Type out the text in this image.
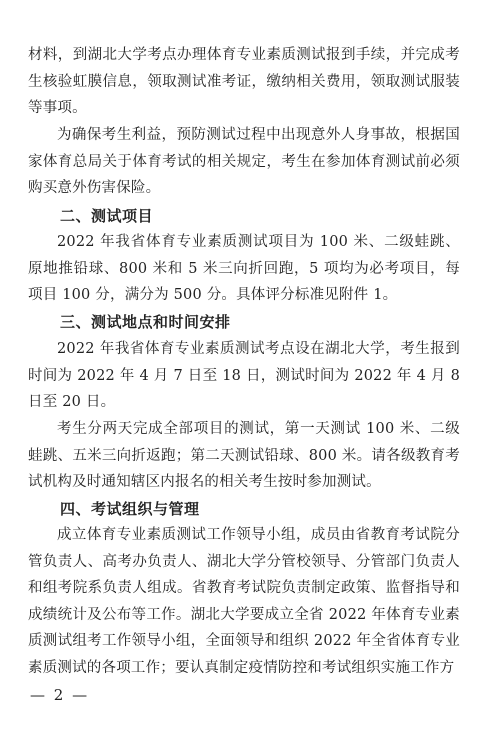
材料，到湖北大学考点办理体育专业素质测试报到手续，并完成考生核验虹膜信息，领取测试准考证，缴纳相关费用，领取测试服装等事项。

为确保考生利益，预防测试过程中出现意外人身事故，根据国家体育总局关于体育考试的相关规定，考生在参加体育测试前必须购买意外伤害保险。

二、测试项目

2022 年我省体育专业素质测试项目为 100 米、二级蛙跳、原地推铅球、800 米和 5 米三向折回跑，5 项均为必考项目，每项目 100 分，满分为 500 分。具体评分标准见附件 1。

三、测试地点和时间安排

2022 年我省体育专业素质测试考点设在湖北大学，考生报到时间为 2022 年 4 月 7 日至 18 日，测试时间为 2022 年 4 月 8 日至 20 日。

考生分两天完成全部项目的测试，第一天测试 100 米、二级蛙跳、五米三向折返跑；第二天测试铅球、800 米。请各级教育考试机构及时通知辖区内报名的相关考生按时参加测试。

四、考试组织与管理

成立体育专业素质测试工作领导小组，成员由省教育考试院分管负责人、高考办负责人、湖北大学分管校领导、分管部门负责人和组考院系负责人组成。省教育考试院负责制定政策、监督指导和成绩统计及公布等工作。湖北大学要成立全省 2022 年体育专业素质测试组考工作领导小组，全面领导和组织 2022 年全省体育专业素质测试的各项工作；要认真制定疫情防控和考试组织实施工作方

— 2 —
